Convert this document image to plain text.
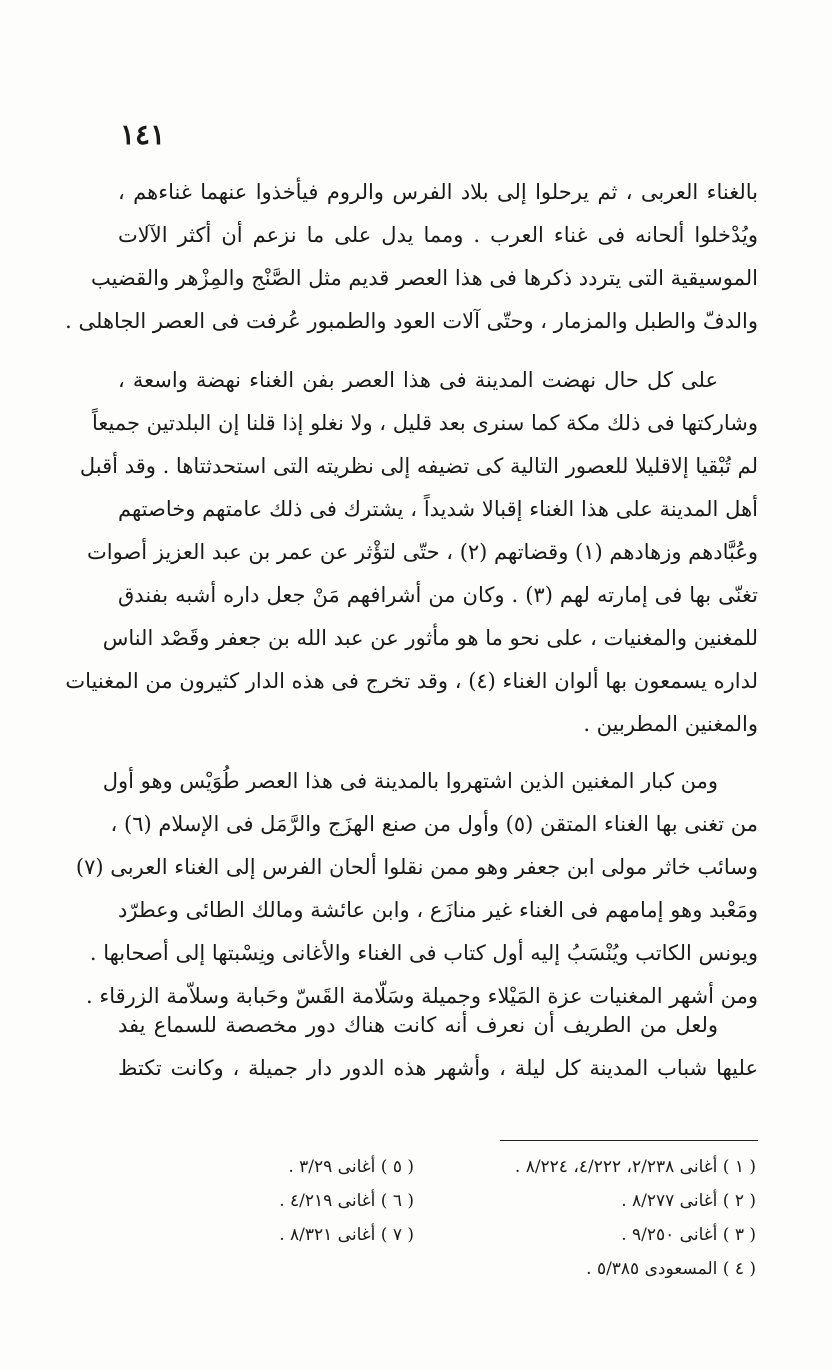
١٤١
بالغناء العربى ، ثم يرحلوا إلى بلاد الفرس والروم فيأخذوا عنهما غناءهم ،
ويُدْخلوا ألحانه فى غناء العرب . ومما يدل على ما نزعم أن أكثر الآلات
الموسيقية التى يتردد ذكرها فى هذا العصر قديم مثل الصَّنْج والمِزْهر والقضيب
والدفّ والطبل والمزمار ، وحتّى آلات العود والطمبور عُرفت فى العصر الجاهلى .
على كل حال نهضت المدينة فى هذا العصر بفن الغناء نهضة واسعة ،
وشاركتها فى ذلك مكة كما سنرى بعد قليل ، ولا نغلو إذا قلنا إن البلدتين جميعاً
لم تُبْقيا إلاقليلا للعصور التالية كى تضيفه إلى نظريته التى استحدثتاها . وقد أقبل
أهل المدينة على هذا الغناء إقبالا شديداً ، يشترك فى ذلك عامتهم وخاصتهم
وعُبَّادهم وزهادهم (١) وقضاتهم (٢) ، حتّى لتؤْثر عن عمر بن عبد العزيز أصوات
تغنّى بها فى إمارته لهم (٣) . وكان من أشرافهم مَنْ جعل داره أشبه بفندق
للمغنين والمغنيات ، على نحو ما هو مأثور عن عبد الله بن جعفر وقَصْد الناس
لداره يسمعون بها ألوان الغناء (٤) ، وقد تخرج فى هذه الدار كثيرون من المغنيات
والمغنين المطربين .
ومن كبار المغنين الذين اشتهروا بالمدينة فى هذا العصر طُوَيْس وهو أول
من تغنى بها الغناء المتقن (٥) وأول من صنع الهزَج والرَّمَل فى الإسلام (٦) ،
وسائب خاثر مولى ابن جعفر وهو ممن نقلوا ألحان الفرس إلى الغناء العربى (٧)
ومَعْبد وهو إمامهم فى الغناء غير منازَع ، وابن عائشة ومالك الطائى وعطرّد
ويونس الكاتب ويُنْسَبُ إليه أول كتاب فى الغناء والأغانى ونِسْبتها إلى أصحابها .
ومن أشهر المغنيات عزة المَيْلاء وجميلة وسَلّامة القَسّ وحَبابة وسلاّمة الزرقاء .
ولعل من الطريف أن نعرف أنه كانت هناك دور مخصصة للسماع يفد
عليها شباب المدينة كل ليلة ، وأشهر هذه الدور دار جميلة ، وكانت تكتظ
( ١ ) أغانى ٢/٢٣٨، ٤/٢٢٢، ٨/٢٢٤ .
( ٢ ) أغانى ٨/٢٧٧ .
( ٣ ) أغانى ٩/٢٥٠ .
( ٤ ) المسعودى ٥/٣٨٥ .
( ٥ ) أغانى ٣/٢٩ .
( ٦ ) أغانى ٤/٢١٩ .
( ٧ ) أغانى ٨/٣٢١ .
